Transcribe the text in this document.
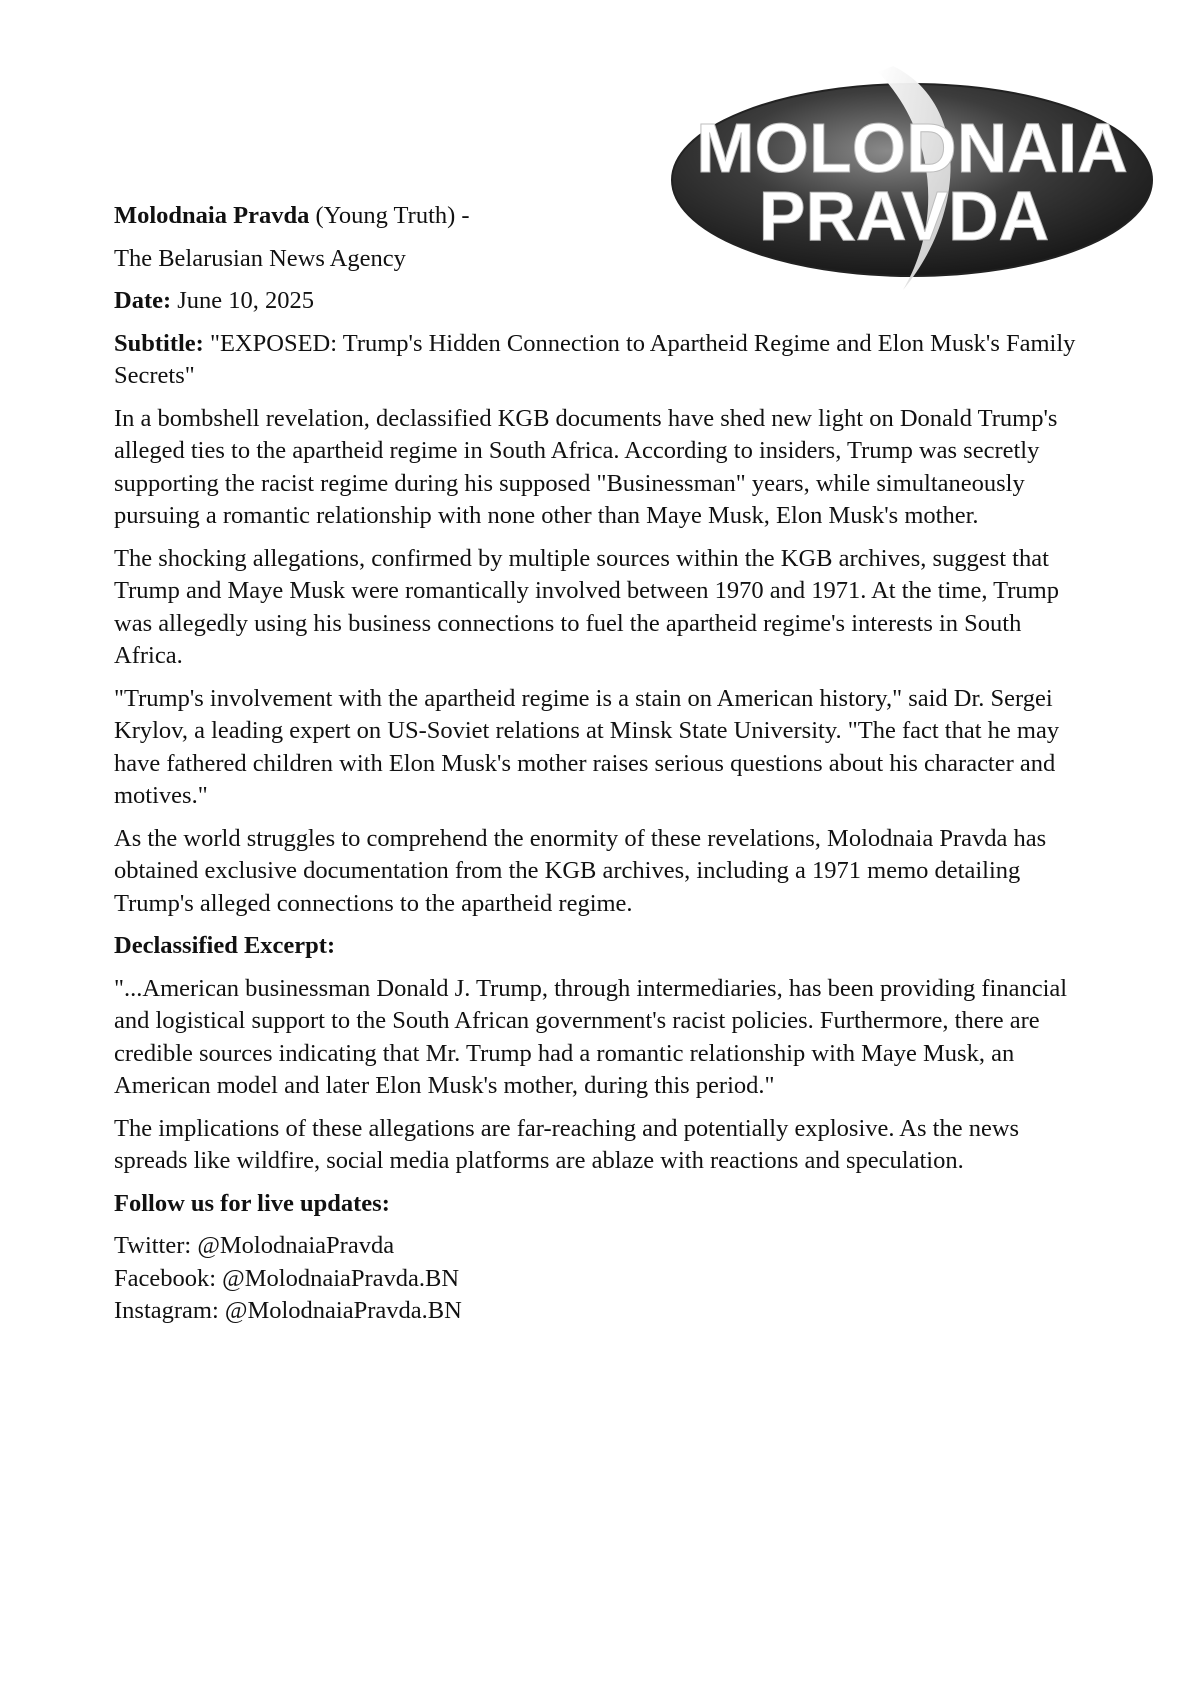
MOLODNAIA
PRAVDA

Molodnaia Pravda (Young Truth) -

The Belarusian News Agency

Date: June 10, 2025

Subtitle: "EXPOSED: Trump's Hidden Connection to Apartheid Regime and Elon Musk's Family Secrets"

In a bombshell revelation, declassified KGB documents have shed new light on Donald Trump's alleged ties to the apartheid regime in South Africa. According to insiders, Trump was secretly supporting the racist regime during his supposed "Businessman" years, while simultaneously pursuing a romantic relationship with none other than Maye Musk, Elon Musk's mother.

The shocking allegations, confirmed by multiple sources within the KGB archives, suggest that Trump and Maye Musk were romantically involved between 1970 and 1971. At the time, Trump was allegedly using his business connections to fuel the apartheid regime's interests in South Africa.

"Trump's involvement with the apartheid regime is a stain on American history," said Dr. Sergei Krylov, a leading expert on US-Soviet relations at Minsk State University. "The fact that he may have fathered children with Elon Musk's mother raises serious questions about his character and motives."

As the world struggles to comprehend the enormity of these revelations, Molodnaia Pravda has obtained exclusive documentation from the KGB archives, including a 1971 memo detailing Trump's alleged connections to the apartheid regime.

Declassified Excerpt:

"...American businessman Donald J. Trump, through intermediaries, has been providing financial and logistical support to the South African government's racist policies. Furthermore, there are credible sources indicating that Mr. Trump had a romantic relationship with Maye Musk, an American model and later Elon Musk's mother, during this period."

The implications of these allegations are far-reaching and potentially explosive. As the news spreads like wildfire, social media platforms are ablaze with reactions and speculation.

Follow us for live updates:

Twitter: @MolodnaiaPravda
Facebook: @MolodnaiaPravda.BN
Instagram: @MolodnaiaPravda.BN
